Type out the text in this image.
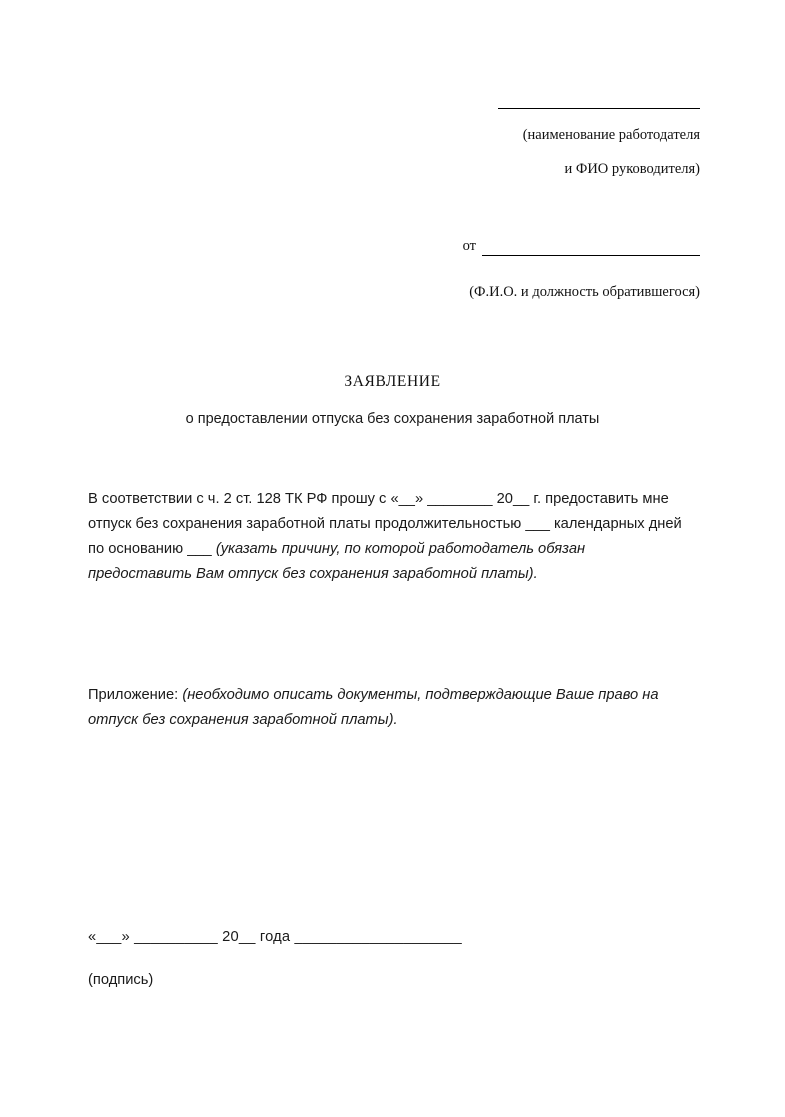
(наименование работодателя
и ФИО руководителя)
от
(Ф.И.О. и должность обратившегося)
ЗАЯВЛЕНИЕ
о предоставлении отпуска без сохранения заработной платы

В соответствии с ч. 2 ст. 128 ТК РФ прошу с «__» ________ 20__ г. предоставить мне отпуск без сохранения заработной платы продолжительностью ___ календарных дней по основанию ___ (указать причину, по которой работодатель обязан предоставить Вам отпуск без сохранения заработной платы).

Приложение: (необходимо описать документы, подтверждающие Ваше право на отпуск без сохранения заработной платы).

«___» __________ 20__ года ____________________
(подпись)
